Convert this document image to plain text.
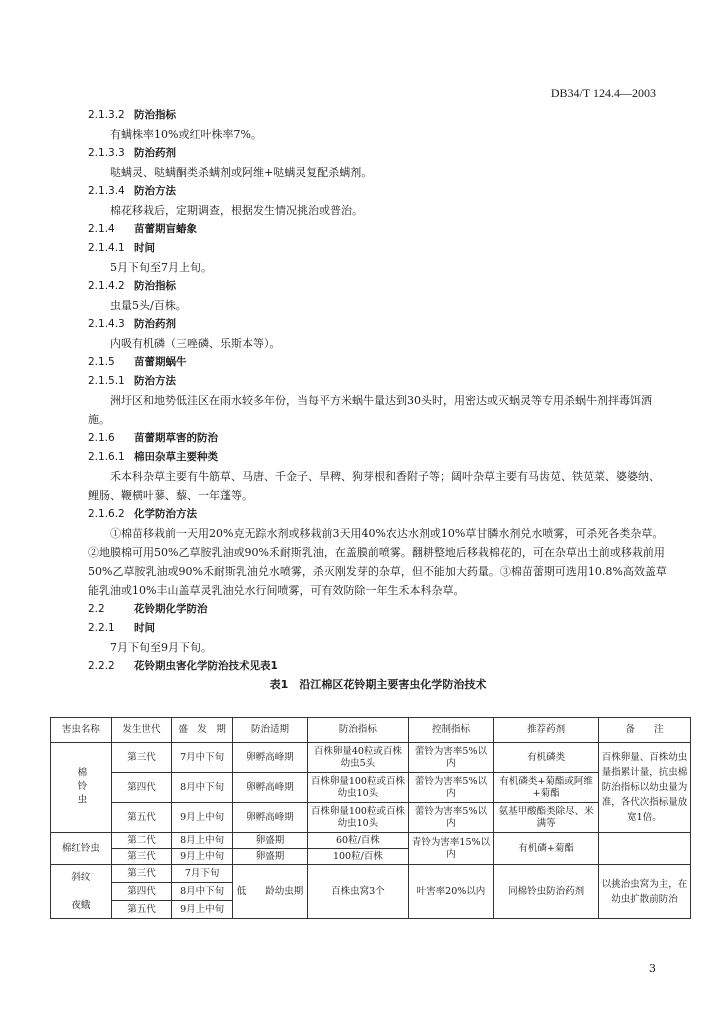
DB34/T 124.4—2003
2.1.3.2 防治指标
有螨株率10%或红叶株率7%。
2.1.3.3 防治药剂
哒螨灵、哒螨酮类杀螨剂或阿维+哒螨灵复配杀螨剂。
2.1.3.4 防治方法
棉花移栽后，定期调查，根据发生情况挑治或普治。
2.1.4 苗蕾期盲蝽象
2.1.4.1 时间
5月下旬至7月上旬。
2.1.4.2 防治指标
虫量5头/百株。
2.1.4.3 防治药剂
内吸有机磷（三唑磷、乐斯本等）。
2.1.5 苗蕾期蜗牛
2.1.5.1 防治方法
洲圩区和地势低洼区在雨水较多年份，当每平方米蜗牛量达到30头时，用密达或灭蜗灵等专用杀蜗牛剂拌毒饵洒施。
2.1.6 苗蕾期草害的防治
2.1.6.1 棉田杂草主要种类
禾本科杂草主要有牛筋草、马唐、千金子、旱稗、狗芽根和香附子等；阔叶杂草主要有马齿苋、铁苋菜、婆婆纳、鲤肠、鞭横叶蓼、藜、一年蓬等。
2.1.6.2 化学防治方法
①棉苗移栽前一天用20%克无踪水剂或移栽前3天用40%农达水剂或10%草甘膦水剂兑水喷雾，可杀死各类杂草。②地膜棉可用50%乙草胺乳油或90%禾耐斯乳油，在盖膜前喷雾。翻耕整地后移栽棉花的，可在杂草出土前或移栽前用50%乙草胺乳油或90%禾耐斯乳油兑水喷雾，杀灭刚发芽的杂草，但不能加大药量。③棉苗蕾期可选用10.8%高效盖草能乳油或10%丰山盖草灵乳油兑水行间喷雾，可有效防除一年生禾本科杂草。
2.2	花铃期化学防治
2.2.1 时间
7月下旬至9月下旬。
2.2.2 花铃期虫害化学防治技术见表1
表1　沿江棉区花铃期主要害虫化学防治技术
害虫名称	发生世代	盛　发　期	防治适期	防治指标	控制指标	推荐药剂	备　　注
棉铃虫	第三代	7月中下旬	卵孵高峰期	百株卵量40粒或百株幼虫5头	蕾铃为害率5%以内	有机磷类	百株卵量、百株幼虫量指累计量，抗虫棉防治指标以幼虫量为准，各代次指标量放宽1倍。
	第四代	8月中下旬	卵孵高峰期	百株卵量100粒或百株幼虫10头	蕾铃为害率5%以内	有机磷类+菊酯或阿维+菊酯	
	第五代	9月上中旬	卵孵高峰期	百株卵量100粒或百株幼虫10头	蕾铃为害率5%以内	氨基甲酸酯类除尽、米满等	
棉红铃虫	第二代	8月上中旬	卵盛期	60粒/百株	青铃为害率15%以内	有机磷+菊酯	
	第三代	9月上中旬	卵盛期	100粒/百株			

斜纹
夜蛾	第三代	7月下旬	低　　龄幼虫期	百株虫窝3个	叶害率20%以内	同棉铃虫防治药剂	以挑治虫窝为主，在幼虫扩散前防治
	第四代	8月中下旬					
	第五代	9月上中旬					
3
